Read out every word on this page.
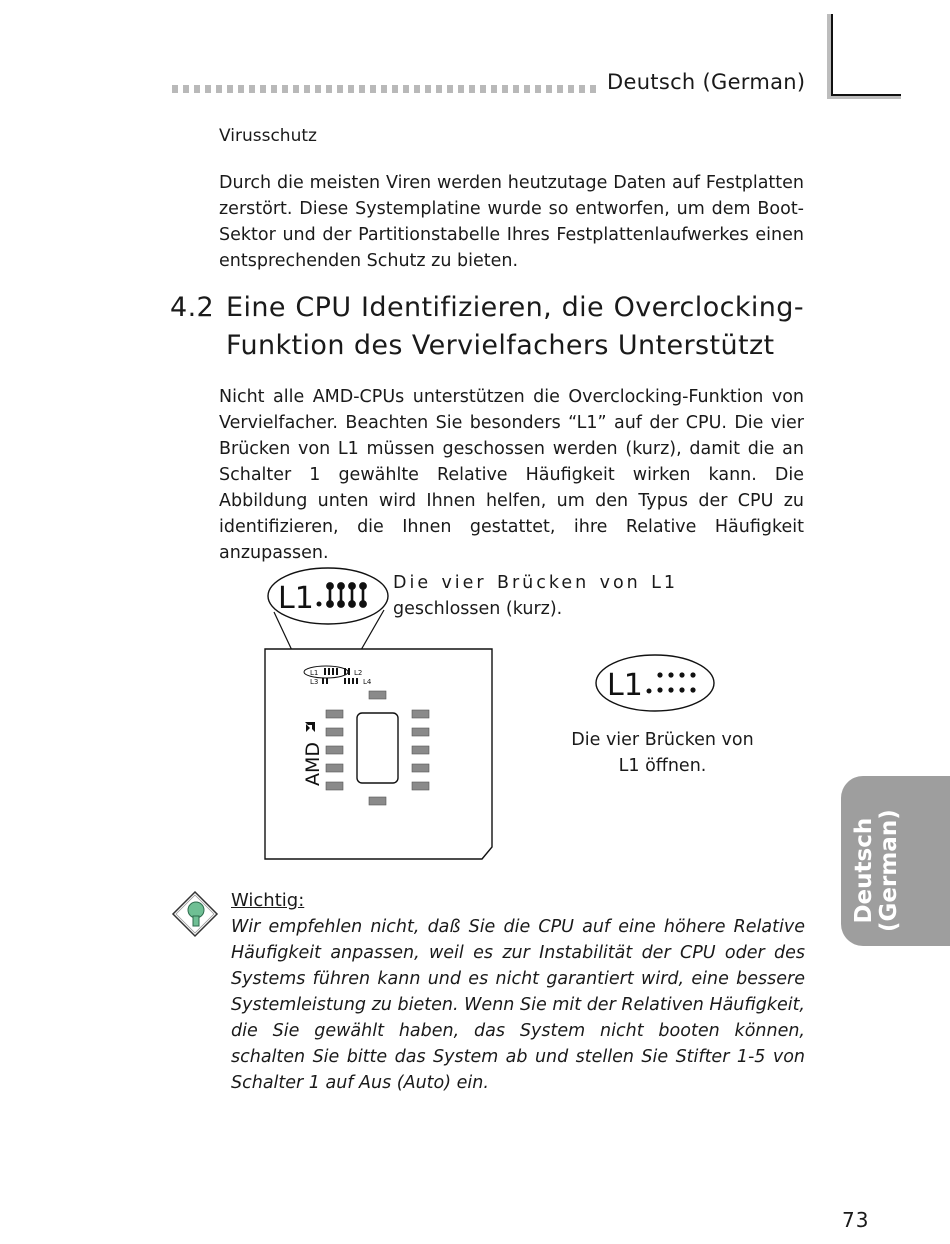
Deutsch (German)
Virusschutz
Durch die meisten Viren werden heutzutage Daten auf Festplatten zerstört. Diese Systemplatine wurde so entworfen, um dem Boot-Sektor und der Partitionstabelle Ihres Festplattenlaufwerkes einen entsprechenden Schutz zu bieten.
4.2 Eine CPU Identifizieren, die Overclocking-
Funktion des Vervielfachers Unterstützt
Nicht alle AMD-CPUs unterstützen die Overclocking-Funktion von Vervielfacher. Beachten Sie besonders “L1” auf der CPU. Die vier Brücken von L1 müssen geschossen werden (kurz), damit die an Schalter 1 gewählte Relative Häufigkeit wirken kann. Die Abbildung unten wird Ihnen helfen, um den Typus der CPU zu identifizieren, die Ihnen gestattet, ihre Relative Häufigkeit anzupassen.
L1
L1	L2
L3	L4
AMD
Die vier Brücken von L1
geschlossen (kurz).
L1
Die vier Brücken von
L1 öffnen.
Wichtig:
Wir empfehlen nicht, daß Sie die CPU auf eine höhere Relative Häufigkeit anpassen, weil es zur Instabilität der CPU oder des Systems führen kann und es nicht garantiert wird, eine bessere Systemleistung zu bieten. Wenn Sie mit der Relativen Häufigkeit, die Sie gewählt haben, das System nicht booten können, schalten Sie bitte das System ab und stellen Sie Stifter 1-5 von Schalter 1 auf Aus (Auto) ein.
Deutsch (German)
73
